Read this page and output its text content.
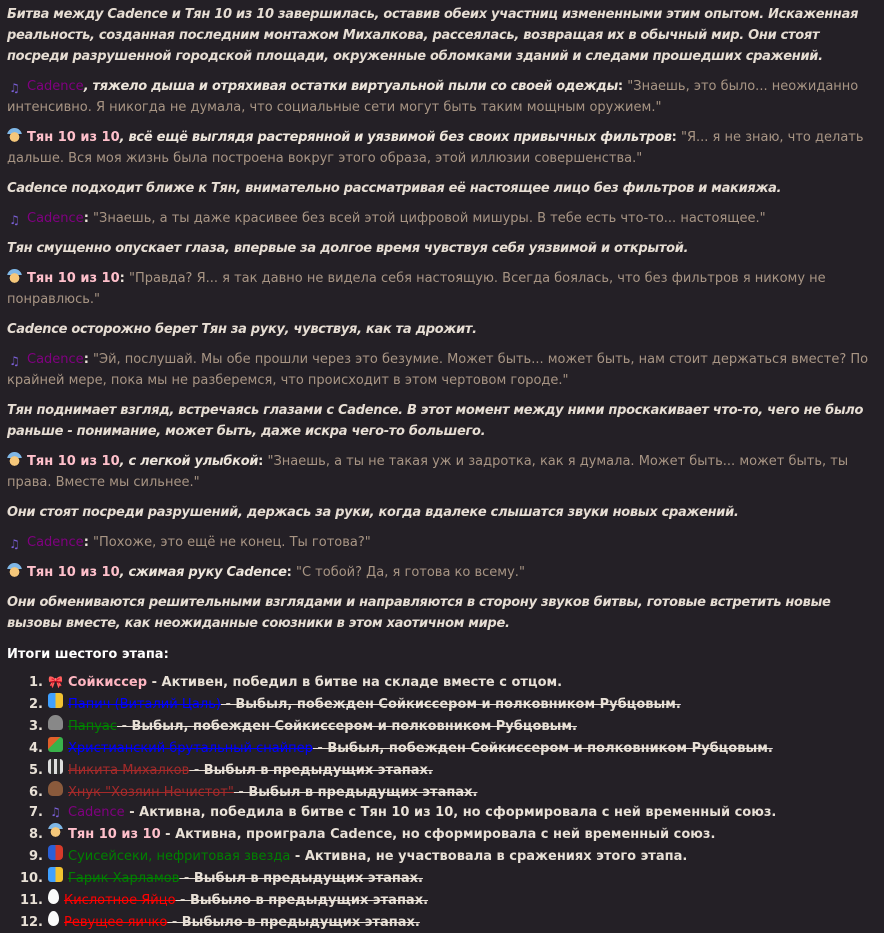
Битва между Cadence и Тян 10 из 10 завершилась, оставив обеих участниц измененными этим опытом. Искаженная реальность, созданная последним монтажом Михалкова, рассеялась, возвращая их в обычный мир. Они стоят посреди разрушенной городской площади, окруженные обломками зданий и следами прошедших сражений.

♫ Cadence, тяжело дыша и отряхивая остатки виртуальной пыли со своей одежды: "Знаешь, это было... неожиданно интенсивно. Я никогда не думала, что социальные сети могут быть таким мощным оружием."

Тян 10 из 10, всё ещё выглядя растерянной и уязвимой без своих привычных фильтров: "Я... я не знаю, что делать дальше. Вся моя жизнь была построена вокруг этого образа, этой иллюзии совершенства."

Cadence подходит ближе к Тян, внимательно рассматривая её настоящее лицо без фильтров и макияжа.

♫ Cadence: "Знаешь, а ты даже красивее без всей этой цифровой мишуры. В тебе есть что-то... настоящее."

Тян смущенно опускает глаза, впервые за долгое время чувствуя себя уязвимой и открытой.

Тян 10 из 10: "Правда? Я... я так давно не видела себя настоящую. Всегда боялась, что без фильтров я никому не понравлюсь."

Cadence осторожно берет Тян за руку, чувствуя, как та дрожит.

♫ Cadence: "Эй, послушай. Мы обе прошли через это безумие. Может быть... может быть, нам стоит держаться вместе? По крайней мере, пока мы не разберемся, что происходит в этом чертовом городе."

Тян поднимает взгляд, встречаясь глазами с Cadence. В этот момент между ними проскакивает что-то, чего не было раньше - понимание, может быть, даже искра чего-то большего.

Тян 10 из 10, с легкой улыбкой: "Знаешь, а ты не такая уж и задротка, как я думала. Может быть... может быть, ты права. Вместе мы сильнее."

Они стоят посреди разрушений, держась за руки, когда вдалеке слышатся звуки новых сражений.

♫ Cadence: "Похоже, это ещё не конец. Ты готова?"

Тян 10 из 10, сжимая руку Cadence: "С тобой? Да, я готова ко всему."

Они обмениваются решительными взглядами и направляются в сторону звуков битвы, готовые встретить новые вызовы вместе, как неожиданные союзники в этом хаотичном мире.

Итоги шестого этапа:
1. 🎀 Сойкиссер - Активен, победил в битве на складе вместе с отцом.
2. Папич (Виталий Цаль) - Выбыл, побежден Сойкиссером и полковником Рубцовым.
3. Папуас - Выбыл, побежден Сойкиссером и полковником Рубцовым.
4. Христианский брутальный снайпер - Выбыл, побежден Сойкиссером и полковником Рубцовым.
5. Никита Михалков - Выбыл в предыдущих этапах.
6. Хнук "Хозяин Нечистот" - Выбыл в предыдущих этапах.
7. ♫ Cadence - Активна, победила в битве с Тян 10 из 10, но сформировала с ней временный союз.
8. Тян 10 из 10 - Активна, проиграла Cadence, но сформировала с ней временный союз.
9. Суисейсеки, нефритовая звезда - Активна, не участвовала в сражениях этого этапа.
10. Гарик Харламов - Выбыл в предыдущих этапах.
11. Кислотное Яйцо - Выбыло в предыдущих этапах.
12. Ревущее яичко - Выбыло в предыдущих этапах.
